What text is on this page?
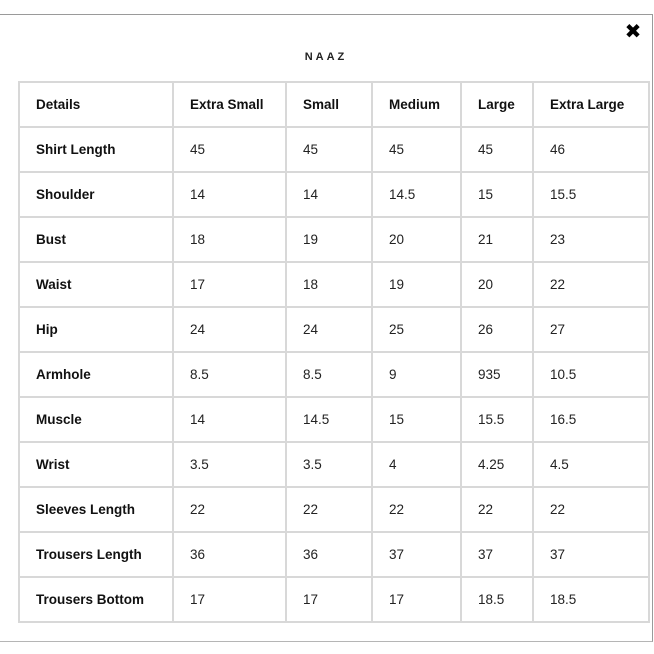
✖
NAAZ
Details	Extra Small	Small	Medium	Large	Extra Large
Shirt Length	45	45	45	45	46
Shoulder	14	14	14.5	15	15.5
Bust	18	19	20	21	23
Waist	17	18	19	20	22
Hip	24	24	25	26	27
Armhole	8.5	8.5	9	935	10.5
Muscle	14	14.5	15	15.5	16.5
Wrist	3.5	3.5	4	4.25	4.5
Sleeves Length	22	22	22	22	22
Trousers Length	36	36	37	37	37
Trousers Bottom	17	17	17	18.5	18.5
